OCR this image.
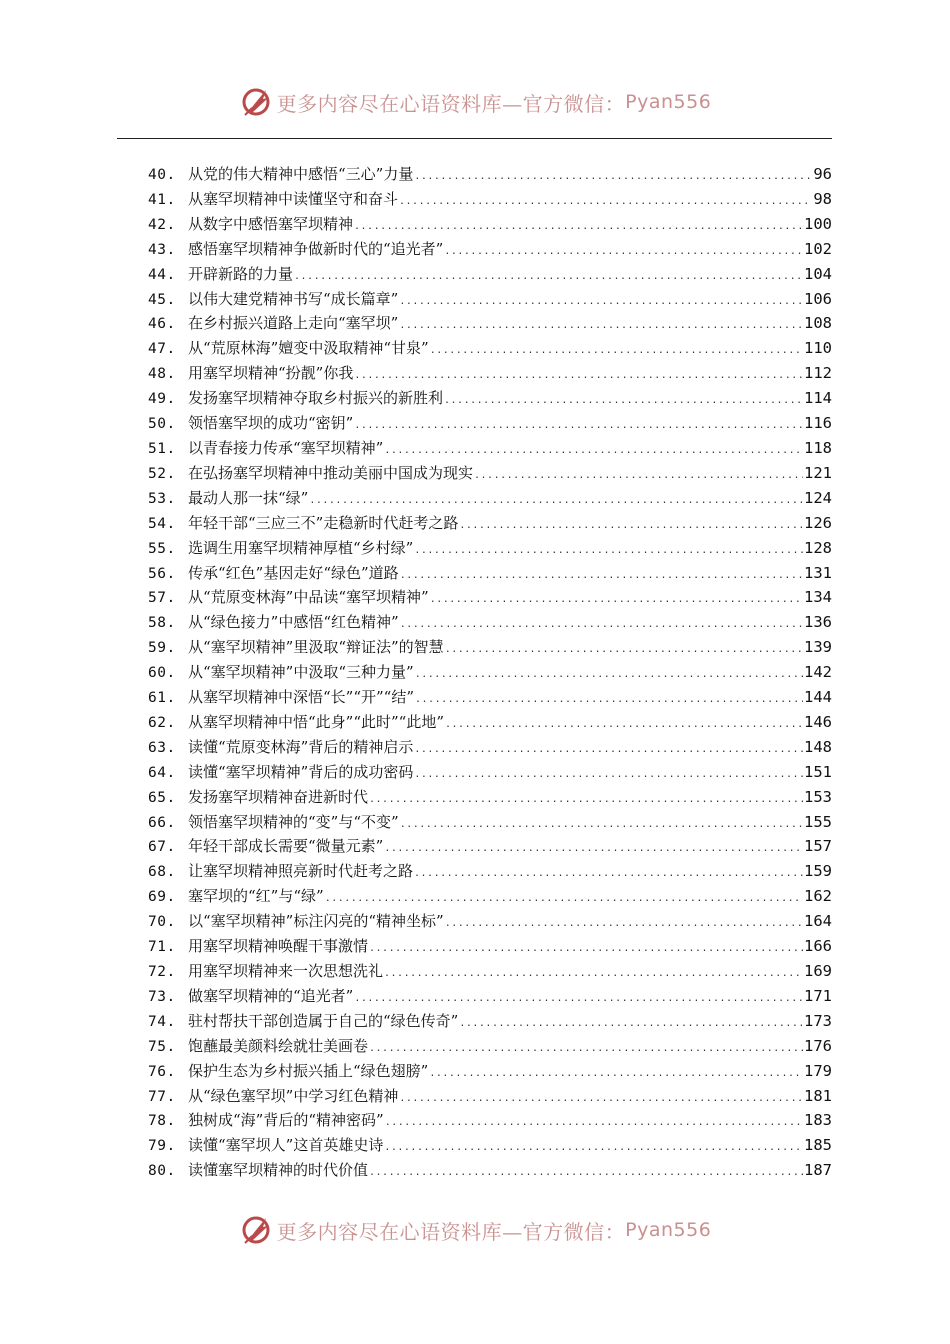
更多内容尽在心语资料库—官方微信： Pyan556
40. 从党的伟大精神中感悟“三心”力量 .....	96
41. 从塞罕坝精神中读懂坚守和奋斗 .....	98
42. 从数字中感悟塞罕坝精神 .....	100
43. 感悟塞罕坝精神争做新时代的“追光者” .....	102
44. 开辟新路的力量 .....	104
45. 以伟大建党精神书写“成长篇章” .....	106
46. 在乡村振兴道路上走向“塞罕坝” .....	108
47. 从“荒原林海”嬗变中汲取精神“甘泉” .....	110
48. 用塞罕坝精神“扮靓”你我 .....	112
49. 发扬塞罕坝精神夺取乡村振兴的新胜利 .....	114
50. 领悟塞罕坝的成功“密钥” .....	116
51. 以青春接力传承“塞罕坝精神” .....	118
52. 在弘扬塞罕坝精神中推动美丽中国成为现实 .....	121
53. 最动人那一抹“绿” .....	124
54. 年轻干部“三应三不”走稳新时代赶考之路 .....	126
55. 选调生用塞罕坝精神厚植“乡村绿” .....	128
56. 传承“红色”基因走好“绿色”道路 .....	131
57. 从“荒原变林海”中品读“塞罕坝精神” .....	134
58. 从“绿色接力”中感悟“红色精神” .....	136
59. 从“塞罕坝精神”里汲取“辩证法”的智慧 .....	139
60. 从“塞罕坝精神”中汲取“三种力量” .....	142
61. 从塞罕坝精神中深悟“长”“开”“结” .....	144
62. 从塞罕坝精神中悟“此身”“此时”“此地” .....	146
63. 读懂“荒原变林海”背后的精神启示 .....	148
64. 读懂“塞罕坝精神”背后的成功密码 .....	151
65. 发扬塞罕坝精神奋进新时代 .....	153
66. 领悟塞罕坝精神的“变”与“不变” .....	155
67. 年轻干部成长需要“微量元素” .....	157
68. 让塞罕坝精神照亮新时代赶考之路 .....	159
69. 塞罕坝的“红”与“绿” .....	162
70. 以“塞罕坝精神”标注闪亮的“精神坐标” .....	164
71. 用塞罕坝精神唤醒干事激情 .....	166
72. 用塞罕坝精神来一次思想洗礼 .....	169
73. 做塞罕坝精神的“追光者” .....	171
74. 驻村帮扶干部创造属于自己的“绿色传奇” .....	173
75. 饱蘸最美颜料绘就壮美画卷 .....	176
76. 保护生态为乡村振兴插上“绿色翅膀” .....	179
77. 从“绿色塞罕坝”中学习红色精神 .....	181
78. 独树成“海”背后的“精神密码” .....	183
79. 读懂“塞罕坝人”这首英雄史诗 .....	185
80. 读懂塞罕坝精神的时代价值 .....	187
更多内容尽在心语资料库—官方微信： Pyan556
